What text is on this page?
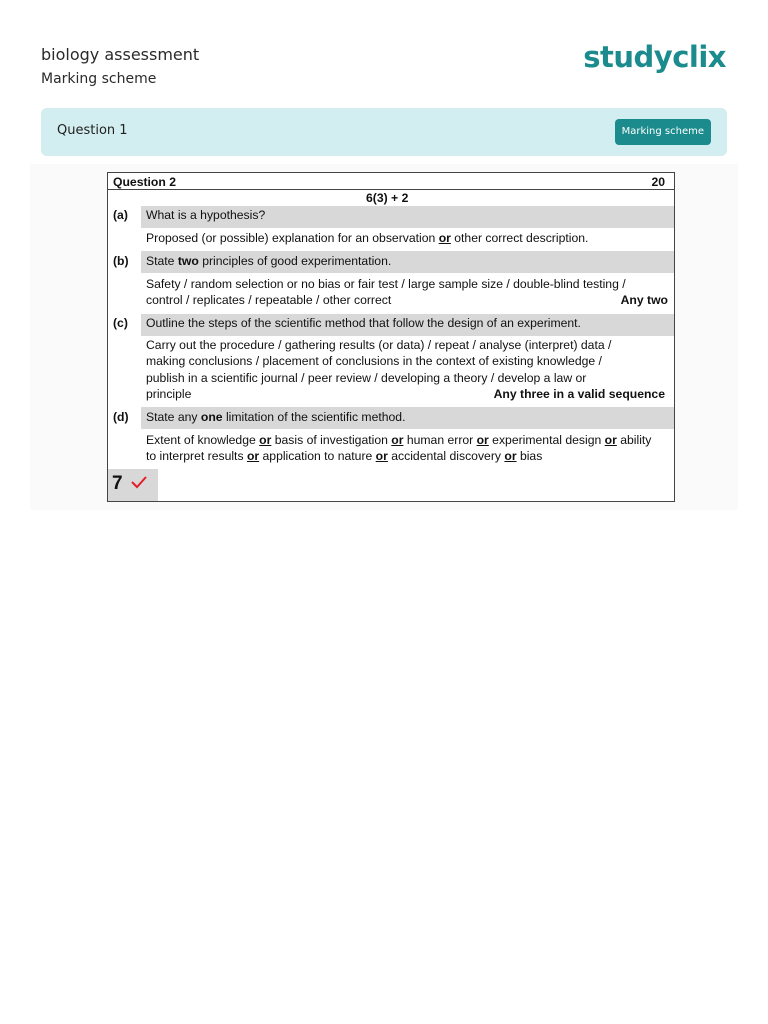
biology assessment

Marking scheme

studyclix
Question 1	Marking scheme
Question 2	20
6(3) + 2
(a) What is a hypothesis?
Proposed (or possible) explanation for an observation or other correct description.
(b) State two principles of good experimentation.
Safety / random selection or no bias or fair test / large sample size / double-blind testing /
control / replicates / repeatable / other correct	Any two
(c) Outline the steps of the scientific method that follow the design of an experiment.
Carry out the procedure / gathering results (or data) / repeat / analyse (interpret) data /
making conclusions / placement of conclusions in the context of existing knowledge /
publish in a scientific journal / peer review / developing a theory / develop a law or
principle	Any three in a valid sequence
(d) State any one limitation of the scientific method.
Extent of knowledge or basis of investigation or human error or experimental design or ability
to interpret results or application to nature or accidental discovery or bias
7
